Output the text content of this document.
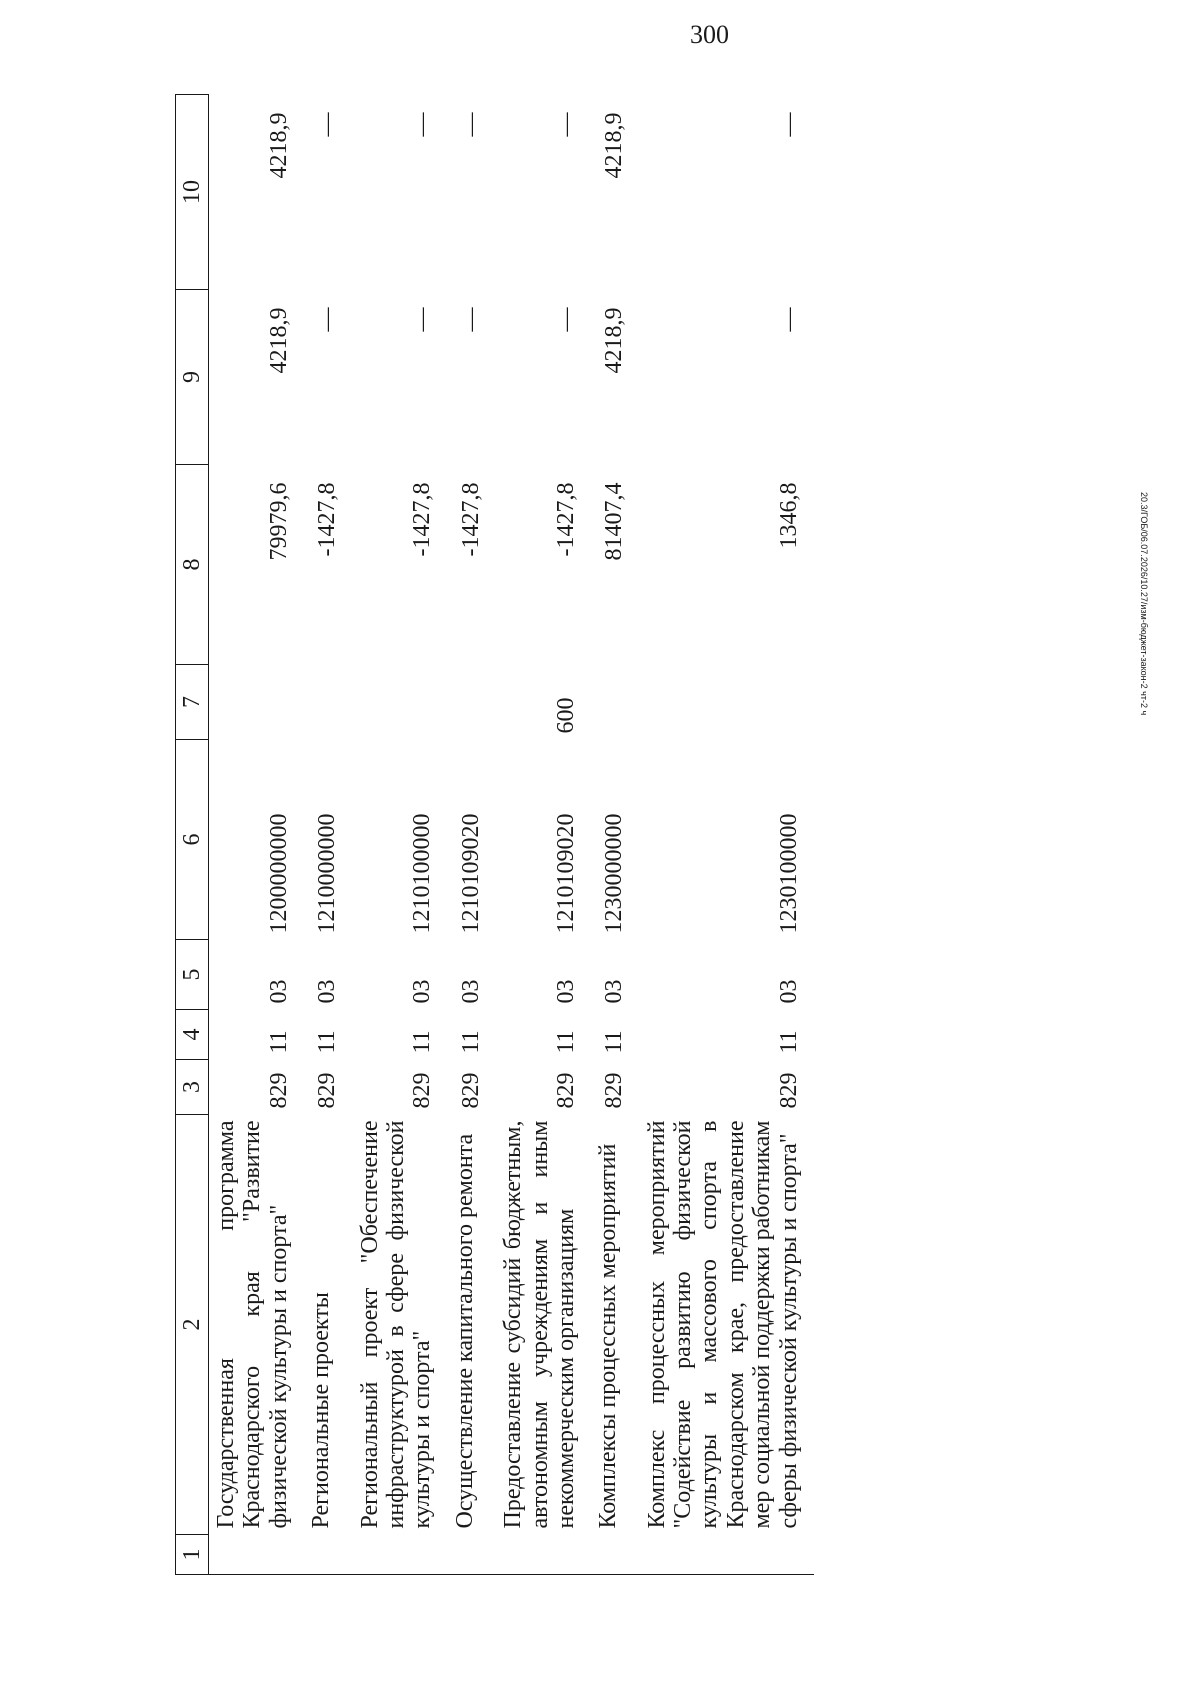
300
20.3/ГОБ/06.07.2026/10.27/изм-бюджет-закон-2 чт-2 ч
1	2	3	4	5	6	7	8	9	10
	Государственная программа Краснодарского края "Развитие физической культуры и спорта"	829	11	03	1200000000		79979,6	4218,9	4218,9
	Региональные проекты	829	11	03	1210000000		-1427,8	—	—
	Региональный проект "Обеспечение инфраструктурой в сфере физической культуры и спорта"	829	11	03	1210100000		-1427,8	—	—
	Осуществление капитального ремонта	829	11	03	1210109020		-1427,8	—	—
	Предоставление субсидий бюджетным, автономным учреждениям и иным некоммерческим организациям	829	11	03	1210109020	600	-1427,8	—	—
	Комплексы процессных мероприятий	829	11	03	1230000000		81407,4	4218,9	4218,9
	Комплекс процессных мероприятий "Содействие развитию физической культуры и массового спорта в Краснодарском крае, предоставление мер социальной поддержки работникам сферы физической культуры и спорта"	829	11	03	1230100000		1346,8	—	—
